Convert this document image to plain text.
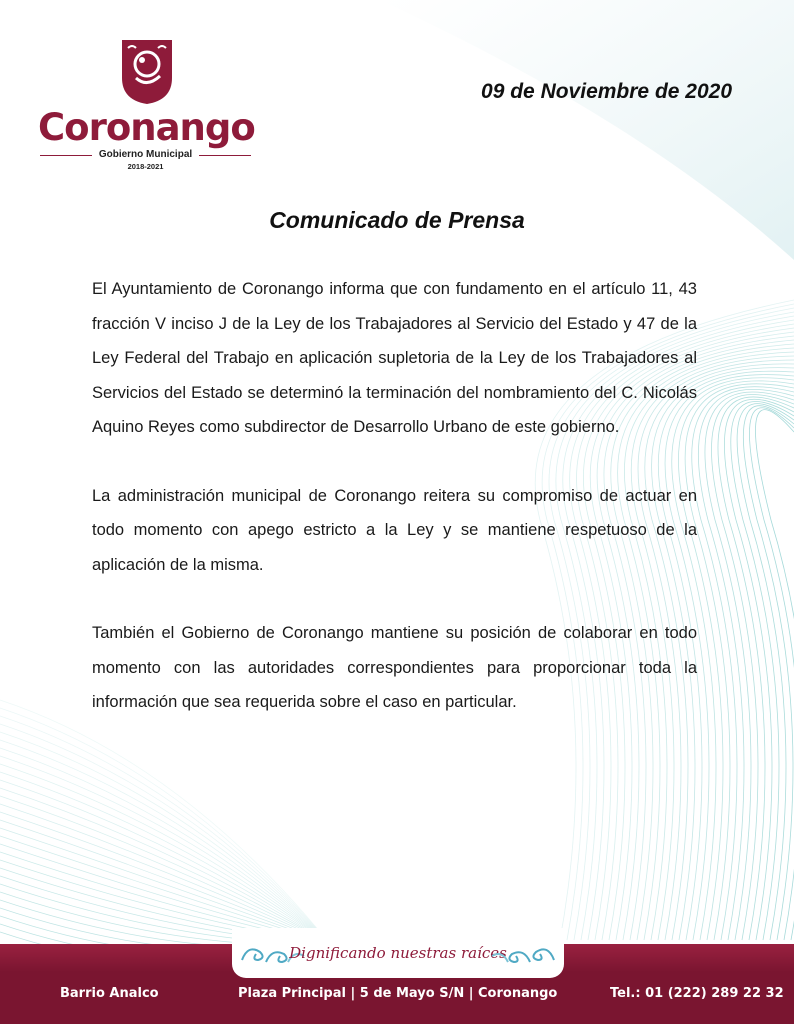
Coronango
Gobierno Municipal
2018-2021
09 de Noviembre de 2020
Comunicado de Prensa

El Ayuntamiento de Coronango informa que con fundamento en el artículo 11, 43 fracción V inciso J de la Ley de los Trabajadores al Servicio del Estado y 47 de la Ley Federal del Trabajo en aplicación supletoria de la Ley de los Trabajadores al Servicios del Estado se determinó la terminación del nombramiento del C. Nicolás Aquino Reyes como subdirector de Desarrollo Urbano de este gobierno.

La administración municipal de Coronango reitera su compromiso de actuar en todo momento con apego estricto a la Ley y se mantiene respetuoso de la aplicación de la misma.

También el Gobierno de Coronango mantiene su posición de colaborar en todo momento con las autoridades correspondientes para proporcionar toda la información que sea requerida sobre el caso en particular.

Dignificando nuestras raíces
Barrio Analco	Plaza Principal | 5 de Mayo S/N | Coronango	Tel.: 01 (222) 289 22 32
